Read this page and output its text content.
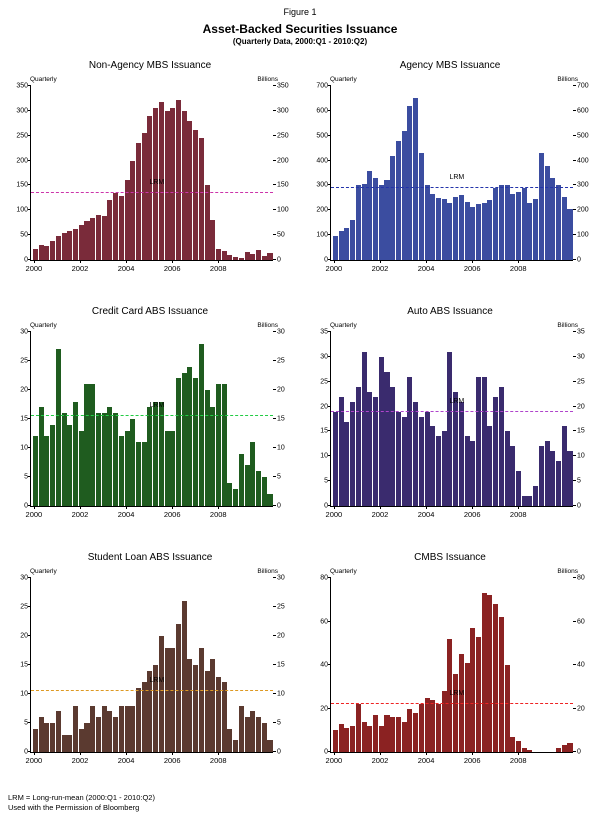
Figure 1
Asset-Backed Securities Issuance
(Quarterly Data, 2000:Q1 - 2010:Q2)
Non-Agency MBS Issuance
Quarterly	Billions
0	0
50	50
100	100
150	150
200	200
250	250
300	300
350	350
2000	2002	2004	2006	2008
LRM
Agency MBS Issuance
Quarterly	Billions
0	0
100	100
200	200
300	300
400	400
500	500
600	600
700	700
2000	2002	2004	2006	2008
LRM
Credit Card ABS Issuance
Quarterly	Billions
0	0
5	5
10	10
15	15
20	20
25	25
30	30
2000	2002	2004	2006	2008
LRM
Auto ABS Issuance
Quarterly	Billions
0	0
5	5
10	10
15	15
20	20
25	25
30	30
35	35
2000	2002	2004	2006	2008
LRM
Student Loan ABS Issuance
Quarterly	Billions
0	0
5	5
10	10
15	15
20	20
25	25
30	30
2000	2002	2004	2006	2008
LRM
CMBS Issuance
Quarterly	Billions
0	0
20	20
40	40
60	60
80	80
2000	2002	2004	2006	2008
LRM
LRM = Long-run-mean (2000:Q1 - 2010:Q2)
Used with the Permission of Bloomberg
